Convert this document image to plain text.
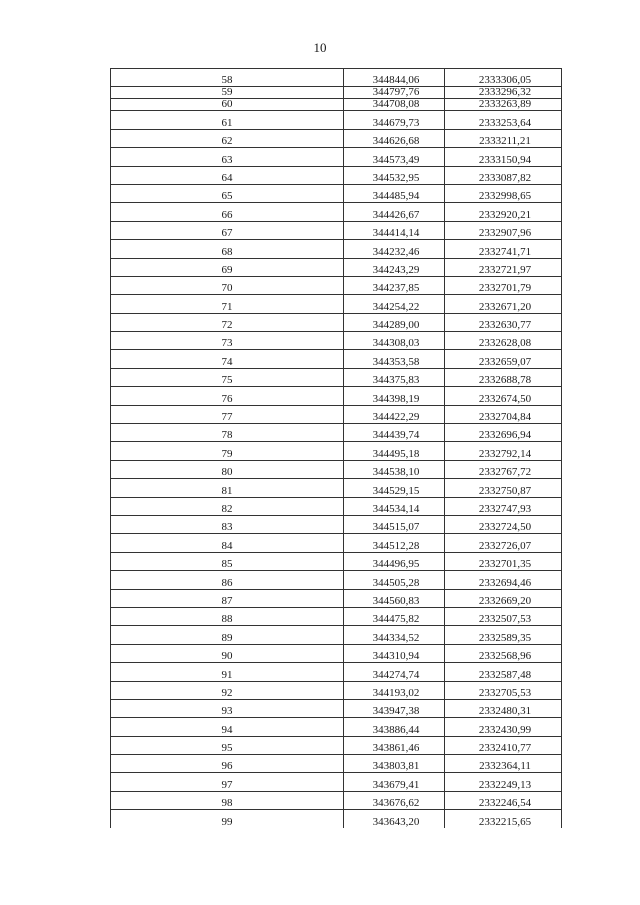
10
58	344844,06	2333306,05
59	344797,76	2333296,32
60	344708,08	2333263,89
61	344679,73	2333253,64
62	344626,68	2333211,21
63	344573,49	2333150,94
64	344532,95	2333087,82
65	344485,94	2332998,65
66	344426,67	2332920,21
67	344414,14	2332907,96
68	344232,46	2332741,71
69	344243,29	2332721,97
70	344237,85	2332701,79
71	344254,22	2332671,20
72	344289,00	2332630,77
73	344308,03	2332628,08
74	344353,58	2332659,07
75	344375,83	2332688,78
76	344398,19	2332674,50
77	344422,29	2332704,84
78	344439,74	2332696,94
79	344495,18	2332792,14
80	344538,10	2332767,72
81	344529,15	2332750,87
82	344534,14	2332747,93
83	344515,07	2332724,50
84	344512,28	2332726,07
85	344496,95	2332701,35
86	344505,28	2332694,46
87	344560,83	2332669,20
88	344475,82	2332507,53
89	344334,52	2332589,35
90	344310,94	2332568,96
91	344274,74	2332587,48
92	344193,02	2332705,53
93	343947,38	2332480,31
94	343886,44	2332430,99
95	343861,46	2332410,77
96	343803,81	2332364,11
97	343679,41	2332249,13
98	343676,62	2332246,54
99	343643,20	2332215,65
